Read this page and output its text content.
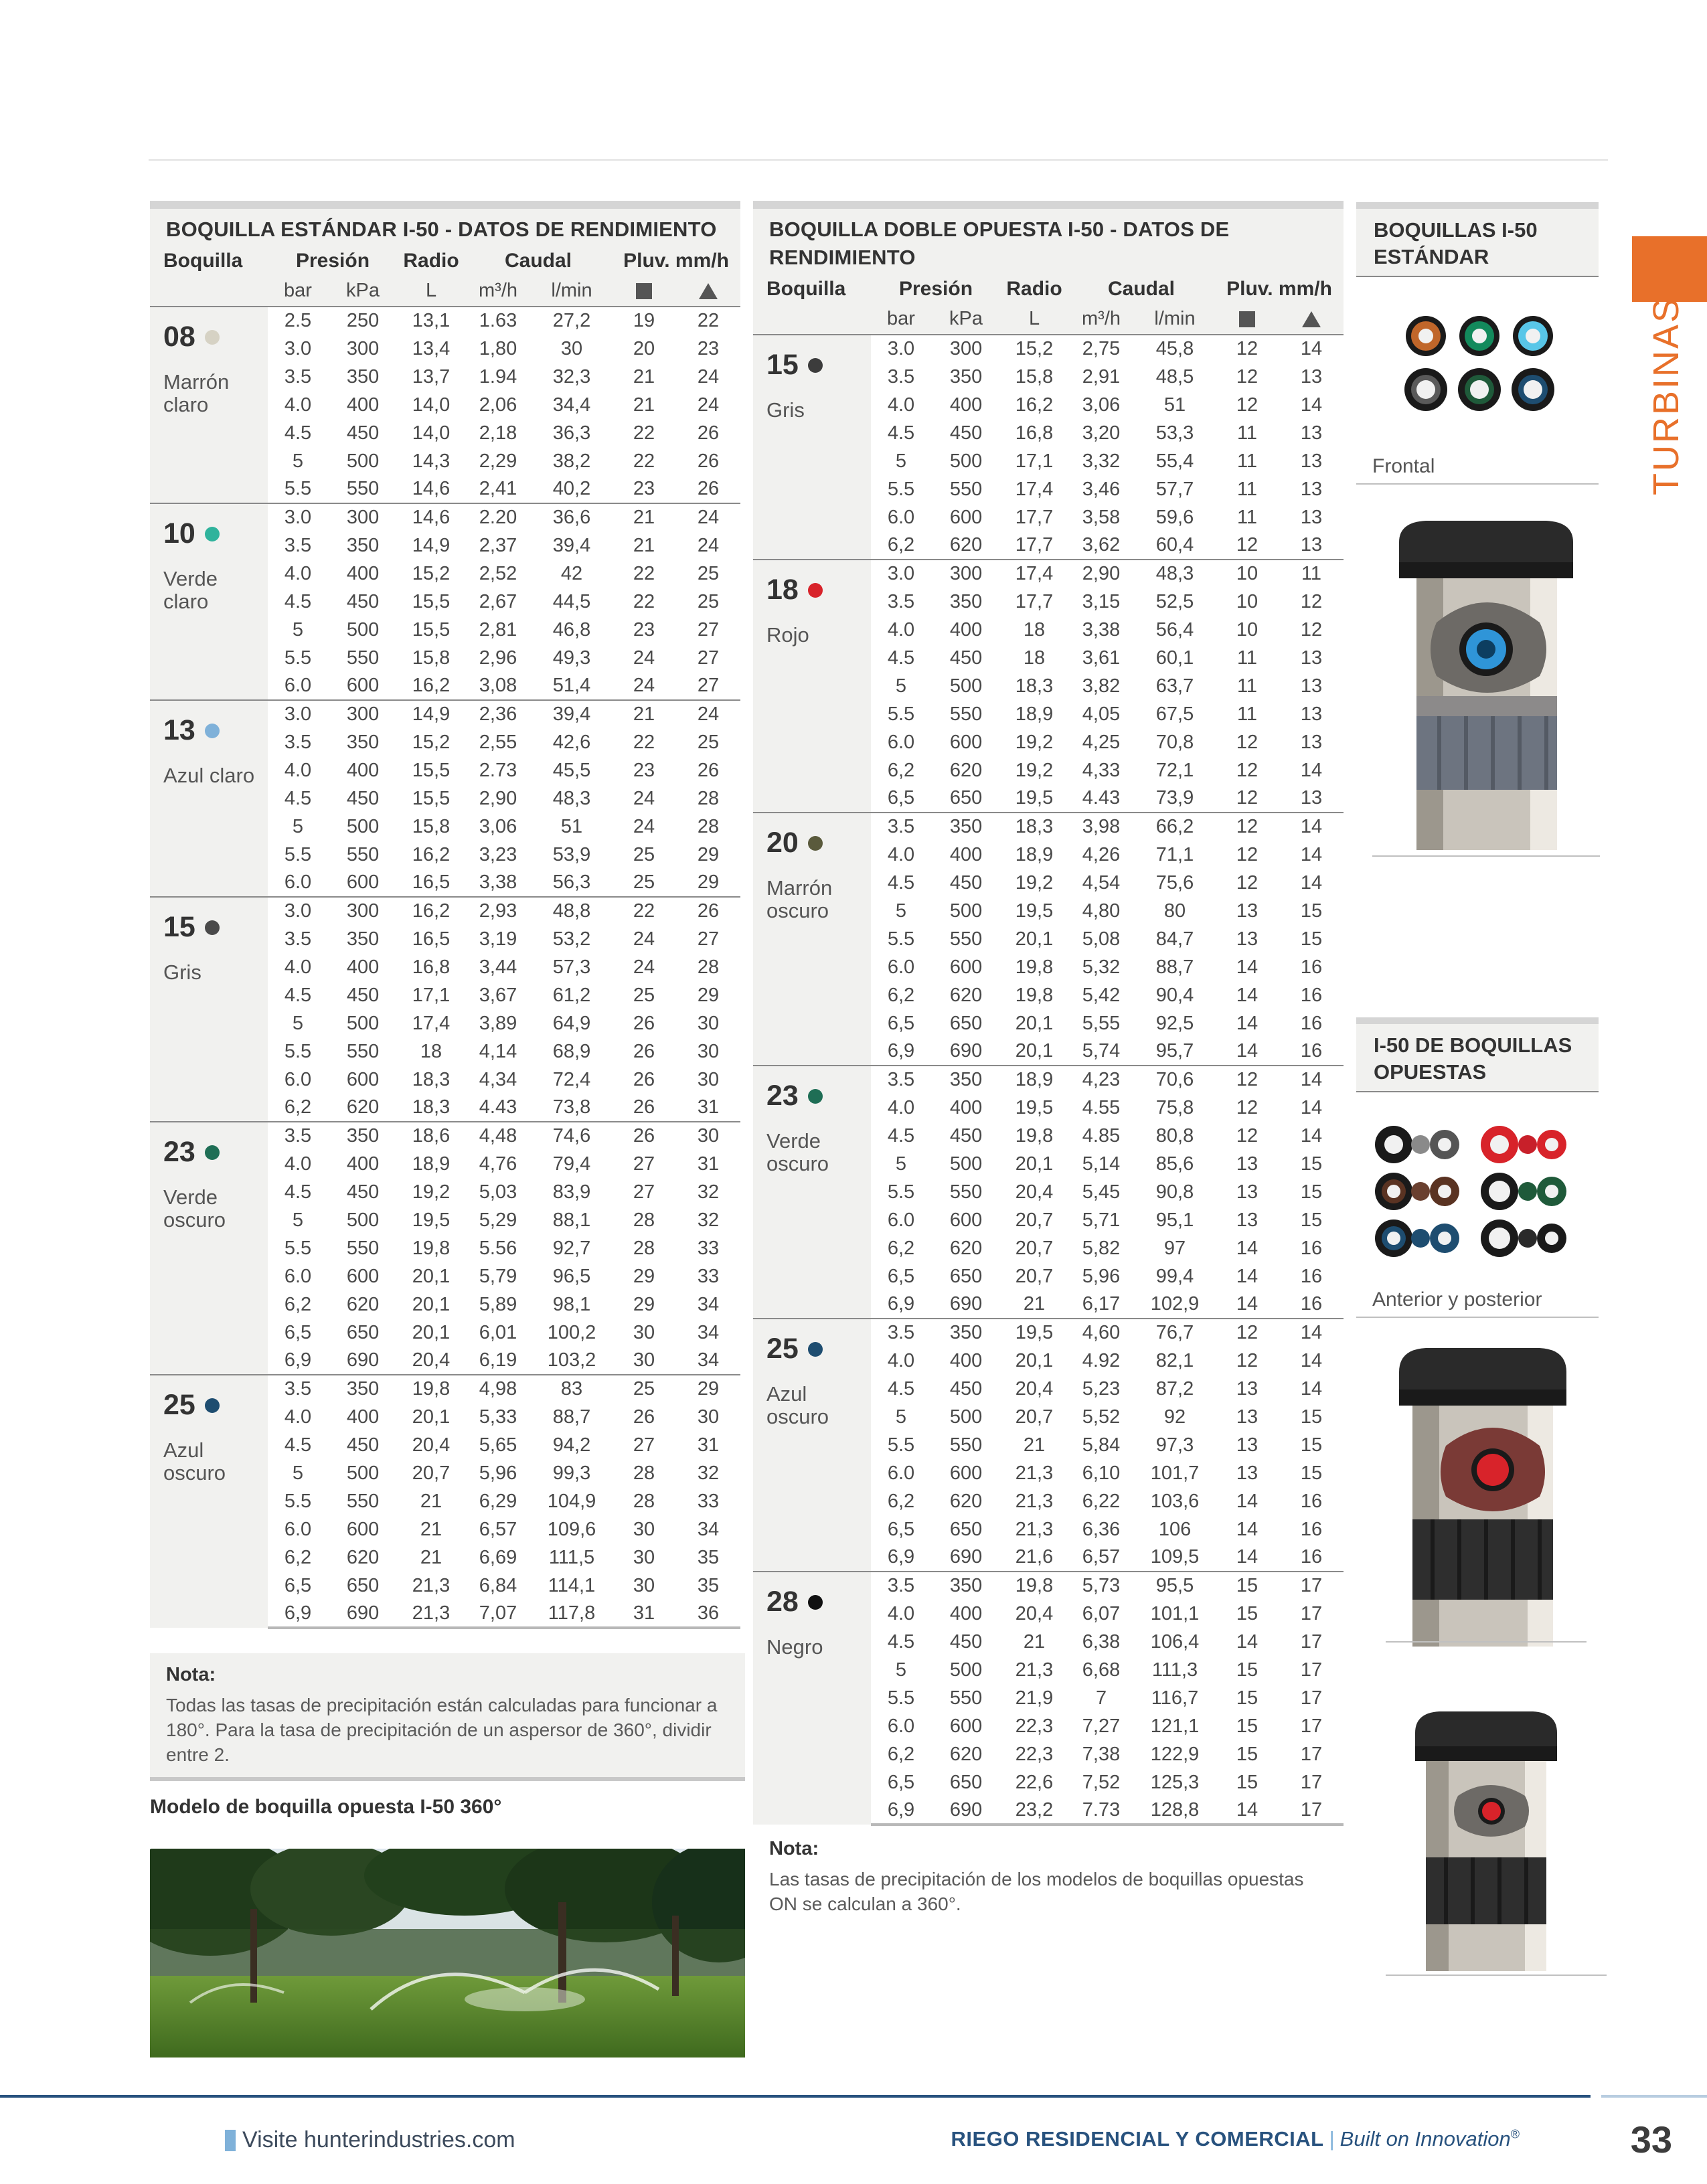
BOQUILLA ESTÁNDAR I-50 - DATOS DE RENDIMIENTO
Boquilla	Presión		Radio	Caudal		Pluv. mm/h	
	bar	kPa	L	m³/h	l/min		

08
Marrón claro	2.5	250	13,1	1.63	27,2	19	22
	3.0	300	13,4	1,80	30	20	23
	3.5	350	13,7	1.94	32,3	21	24
	4.0	400	14,0	2,06	34,4	21	24
	4.5	450	14,0	2,18	36,3	22	26
	5	500	14,3	2,29	38,2	22	26
	5.5	550	14,6	2,41	40,2	23	26

10
Verde claro	3.0	300	14,6	2.20	36,6	21	24
	3.5	350	14,9	2,37	39,4	21	24
	4.0	400	15,2	2,52	42	22	25
	4.5	450	15,5	2,67	44,5	22	25
	5	500	15,5	2,81	46,8	23	27
	5.5	550	15,8	2,96	49,3	24	27
	6.0	600	16,2	3,08	51,4	24	27

13
Azul claro	3.0	300	14,9	2,36	39,4	21	24
	3.5	350	15,2	2,55	42,6	22	25
	4.0	400	15,5	2.73	45,5	23	26
	4.5	450	15,5	2,90	48,3	24	28
	5	500	15,8	3,06	51	24	28
	5.5	550	16,2	3,23	53,9	25	29
	6.0	600	16,5	3,38	56,3	25	29

15
Gris	3.0	300	16,2	2,93	48,8	22	26
	3.5	350	16,5	3,19	53,2	24	27
	4.0	400	16,8	3,44	57,3	24	28
	4.5	450	17,1	3,67	61,2	25	29
	5	500	17,4	3,89	64,9	26	30
	5.5	550	18	4,14	68,9	26	30
	6.0	600	18,3	4,34	72,4	26	30
	6,2	620	18,3	4.43	73,8	26	31

23
Verde oscuro	3.5	350	18,6	4,48	74,6	26	30
	4.0	400	18,9	4,76	79,4	27	31
	4.5	450	19,2	5,03	83,9	27	32
	5	500	19,5	5,29	88,1	28	32
	5.5	550	19,8	5.56	92,7	28	33
	6.0	600	20,1	5,79	96,5	29	33
	6,2	620	20,1	5,89	98,1	29	34
	6,5	650	20,1	6,01	100,2	30	34
	6,9	690	20,4	6,19	103,2	30	34

25
Azul oscuro	3.5	350	19,8	4,98	83	25	29
	4.0	400	20,1	5,33	88,7	26	30
	4.5	450	20,4	5,65	94,2	27	31
	5	500	20,7	5,96	99,3	28	32
	5.5	550	21	6,29	104,9	28	33
	6.0	600	21	6,57	109,6	30	34
	6,2	620	21	6,69	111,5	30	35
	6,5	650	21,3	6,84	114,1	30	35
	6,9	690	21,3	7,07	117,8	31	36
Nota:
Todas las tasas de precipitación están calculadas para funcionar a 180°. Para la tasa de precipitación de un aspersor de 360°, dividir entre 2.
Modelo de boquilla opuesta I-50 360°
BOQUILLA DOBLE OPUESTA I-50 - DATOS DE RENDIMIENTO
Boquilla	Presión		Radio	Caudal		Pluv. mm/h	
	bar	kPa	L	m³/h	l/min		

15
Gris	3.0	300	15,2	2,75	45,8	12	14
	3.5	350	15,8	2,91	48,5	12	13
	4.0	400	16,2	3,06	51	12	14
	4.5	450	16,8	3,20	53,3	11	13
	5	500	17,1	3,32	55,4	11	13
	5.5	550	17,4	3,46	57,7	11	13
	6.0	600	17,7	3,58	59,6	11	13
	6,2	620	17,7	3,62	60,4	12	13

18
Rojo	3.0	300	17,4	2,90	48,3	10	11
	3.5	350	17,7	3,15	52,5	10	12
	4.0	400	18	3,38	56,4	10	12
	4.5	450	18	3,61	60,1	11	13
	5	500	18,3	3,82	63,7	11	13
	5.5	550	18,9	4,05	67,5	11	13
	6.0	600	19,2	4,25	70,8	12	13
	6,2	620	19,2	4,33	72,1	12	14
	6,5	650	19,5	4.43	73,9	12	13

20
Marrón oscuro	3.5	350	18,3	3,98	66,2	12	14
	4.0	400	18,9	4,26	71,1	12	14
	4.5	450	19,2	4,54	75,6	12	14
	5	500	19,5	4,80	80	13	15
	5.5	550	20,1	5,08	84,7	13	15
	6.0	600	19,8	5,32	88,7	14	16
	6,2	620	19,8	5,42	90,4	14	16
	6,5	650	20,1	5,55	92,5	14	16
	6,9	690	20,1	5,74	95,7	14	16

23
Verde oscuro	3.5	350	18,9	4,23	70,6	12	14
	4.0	400	19,5	4.55	75,8	12	14
	4.5	450	19,8	4.85	80,8	12	14
	5	500	20,1	5,14	85,6	13	15
	5.5	550	20,4	5,45	90,8	13	15
	6.0	600	20,7	5,71	95,1	13	15
	6,2	620	20,7	5,82	97	14	16
	6,5	650	20,7	5,96	99,4	14	16
	6,9	690	21	6,17	102,9	14	16

25
Azul oscuro	3.5	350	19,5	4,60	76,7	12	14
	4.0	400	20,1	4.92	82,1	12	14
	4.5	450	20,4	5,23	87,2	13	14
	5	500	20,7	5,52	92	13	15
	5.5	550	21	5,84	97,3	13	15
	6.0	600	21,3	6,10	101,7	13	15
	6,2	620	21,3	6,22	103,6	14	16
	6,5	650	21,3	6,36	106	14	16
	6,9	690	21,6	6,57	109,5	14	16

28
Negro	3.5	350	19,8	5,73	95,5	15	17
	4.0	400	20,4	6,07	101,1	15	17
	4.5	450	21	6,38	106,4	14	17
	5	500	21,3	6,68	111,3	15	17
	5.5	550	21,9	7	116,7	15	17
	6.0	600	22,3	7,27	121,1	15	17
	6,2	620	22,3	7,38	122,9	15	17
	6,5	650	22,6	7,52	125,3	15	17
	6,9	690	23,2	7.73	128,8	14	17
Nota:
Las tasas de precipitación de los modelos de boquillas opuestas ON se calculan a 360°.
BOQUILLAS I-50 ESTÁNDAR
Frontal
I-50 DE BOQUILLAS OPUESTAS
Anterior y posterior
TURBINAS
Visite hunterindustries.com	RIEGO RESIDENCIAL Y COMERCIAL | Built on Innovation®	33
